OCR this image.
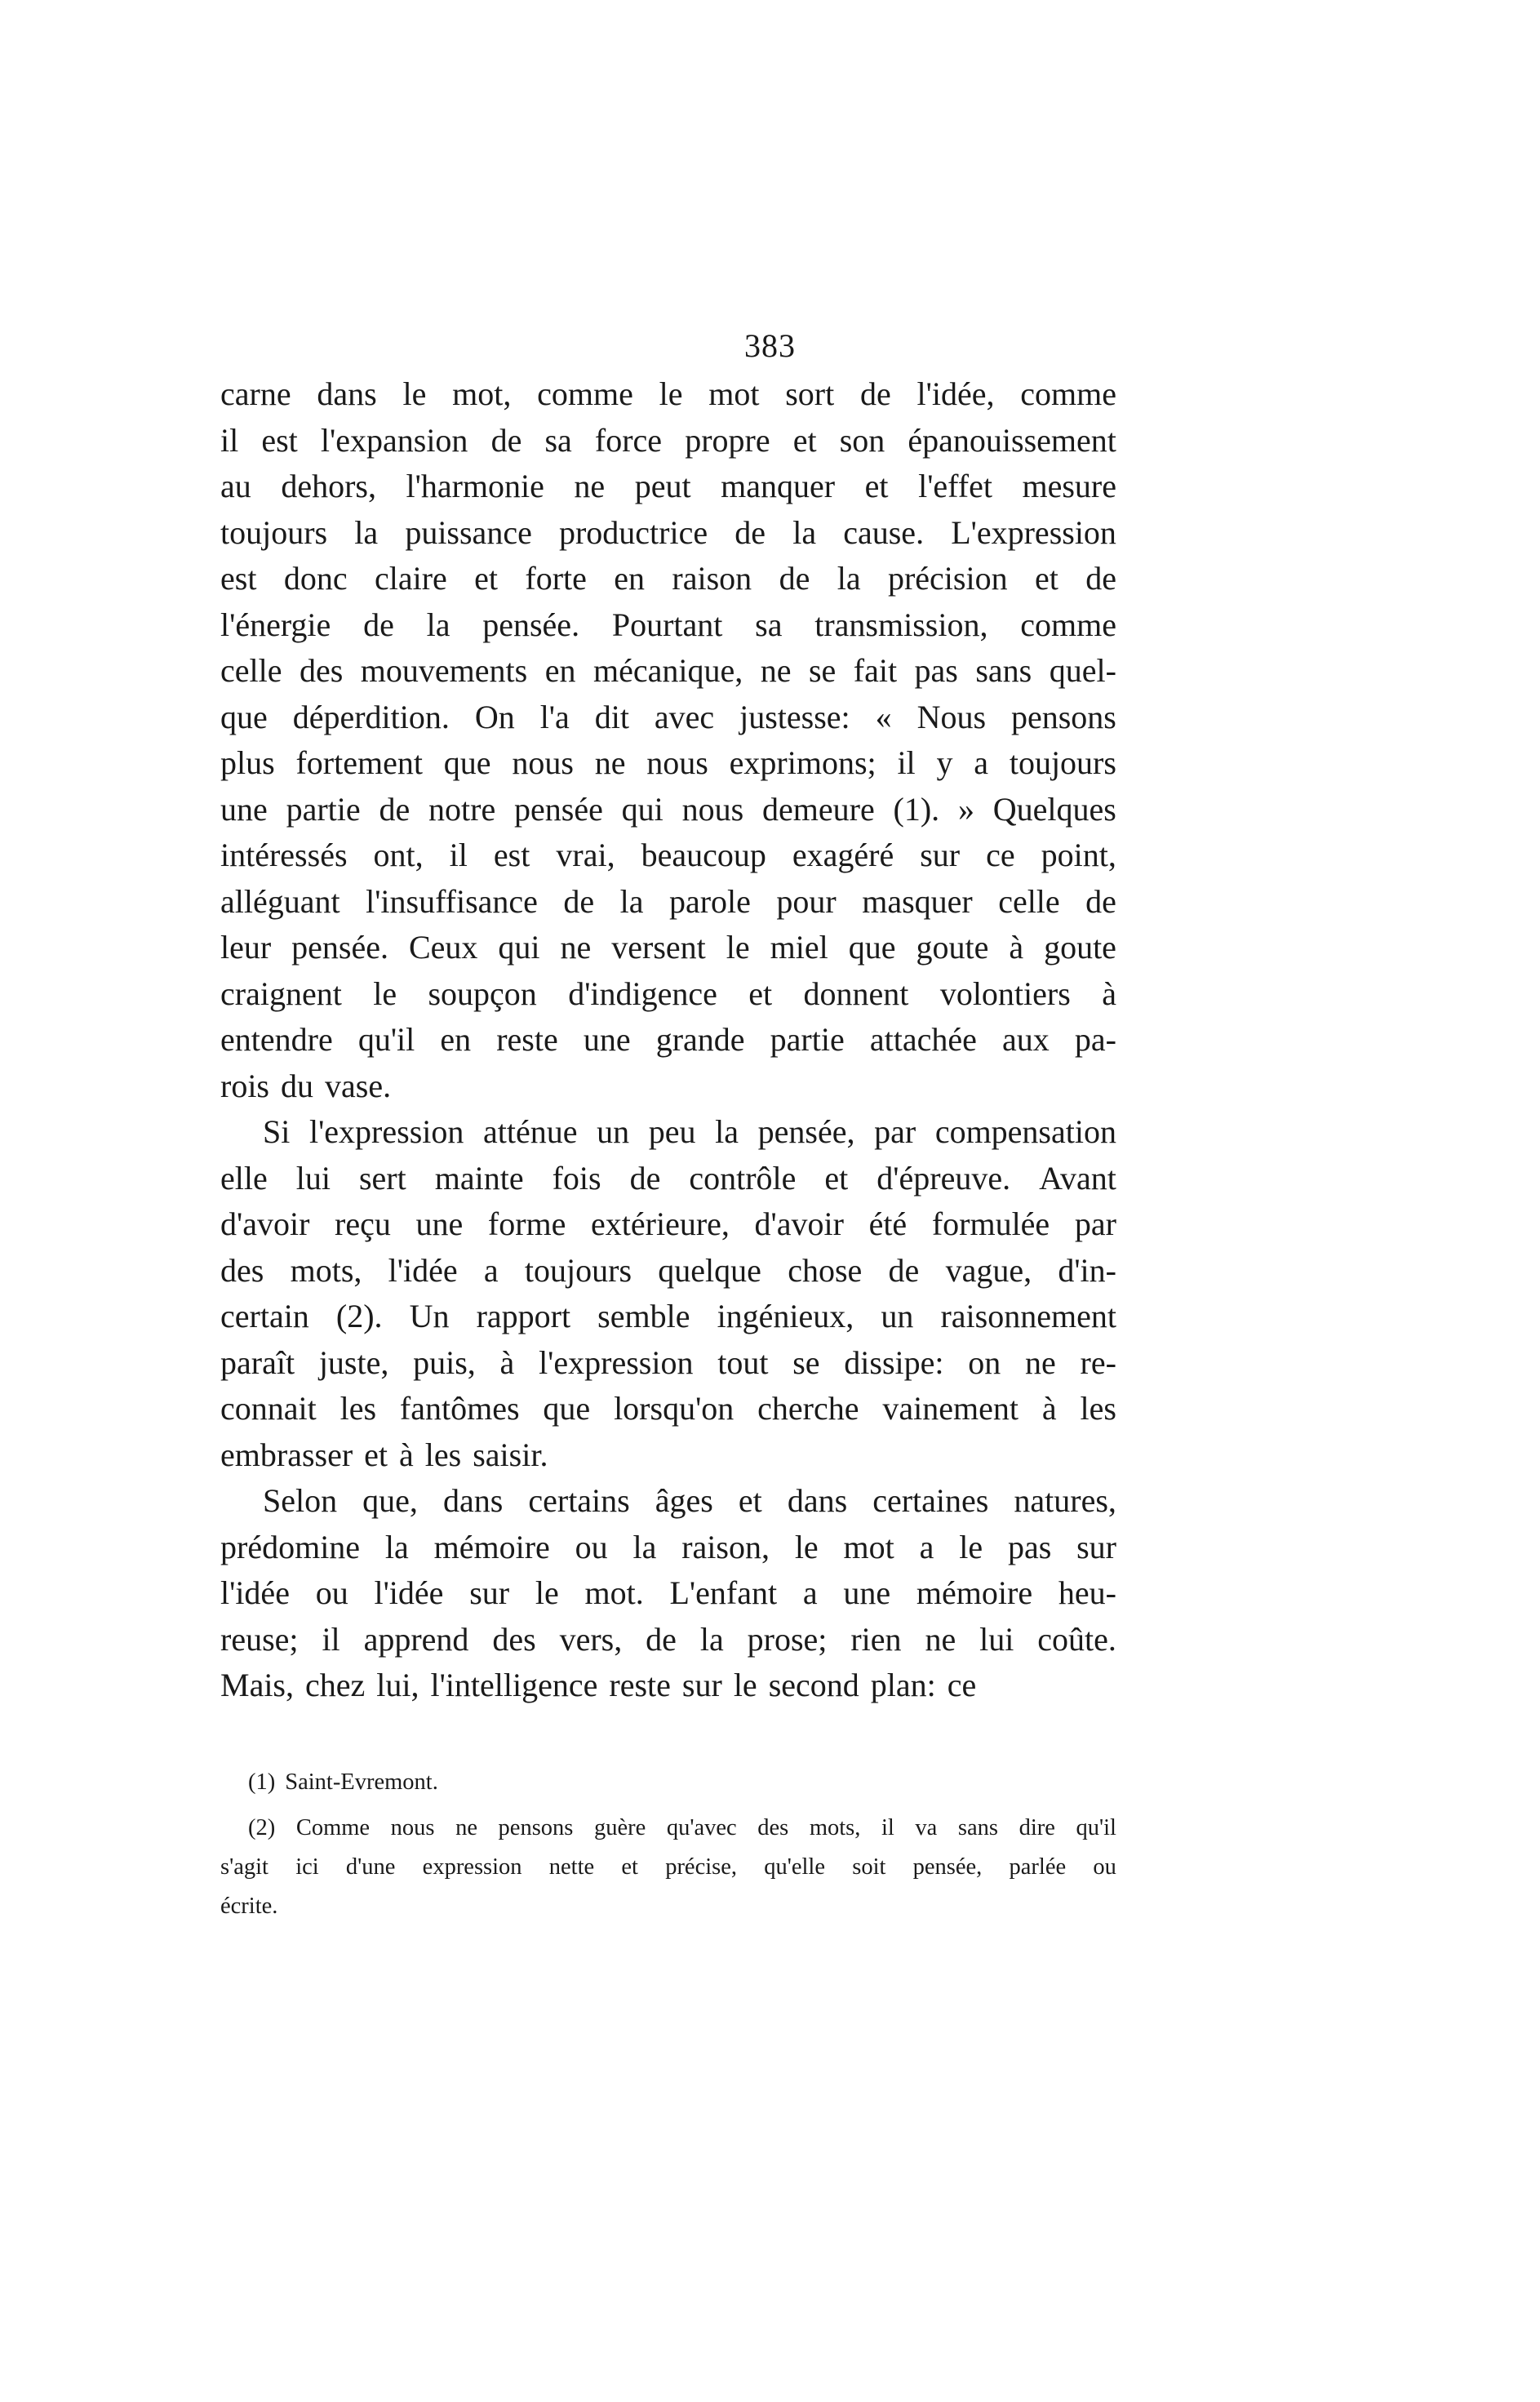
383
carne dans le mot, comme le mot sort de l'idée, comme
il est l'expansion de sa force propre et son épanouissement
au dehors, l'harmonie ne peut manquer et l'effet mesure
toujours la puissance productrice de la cause. L'expression
est donc claire et forte en raison de la précision et de
l'énergie de la pensée. Pourtant sa transmission, comme
celle des mouvements en mécanique, ne se fait pas sans quel-
que déperdition. On l'a dit avec justesse: « Nous pensons
plus fortement que nous ne nous exprimons; il y a toujours
une partie de notre pensée qui nous demeure (1). » Quelques
intéressés ont, il est vrai, beaucoup exagéré sur ce point,
alléguant l'insuffisance de la parole pour masquer celle de
leur pensée. Ceux qui ne versent le miel que goute à goute
craignent le soupçon d'indigence et donnent volontiers à
entendre qu'il en reste une grande partie attachée aux pa-
rois du vase.
Si l'expression atténue un peu la pensée, par compensation
elle lui sert mainte fois de contrôle et d'épreuve. Avant
d'avoir reçu une forme extérieure, d'avoir été formulée par
des mots, l'idée a toujours quelque chose de vague, d'in-
certain (2). Un rapport semble ingénieux, un raisonnement
paraît juste, puis, à l'expression tout se dissipe: on ne re-
connait les fantômes que lorsqu'on cherche vainement à les
embrasser et à les saisir.
Selon que, dans certains âges et dans certaines natures,
prédomine la mémoire ou la raison, le mot a le pas sur
l'idée ou l'idée sur le mot. L'enfant a une mémoire heu-
reuse; il apprend des vers, de la prose; rien ne lui coûte.
Mais, chez lui, l'intelligence reste sur le second plan: ce
(1) Saint-Evremont.
(2) Comme nous ne pensons guère qu'avec des mots, il va sans dire qu'il
s'agit ici d'une expression nette et précise, qu'elle soit pensée, parlée ou
écrite.
